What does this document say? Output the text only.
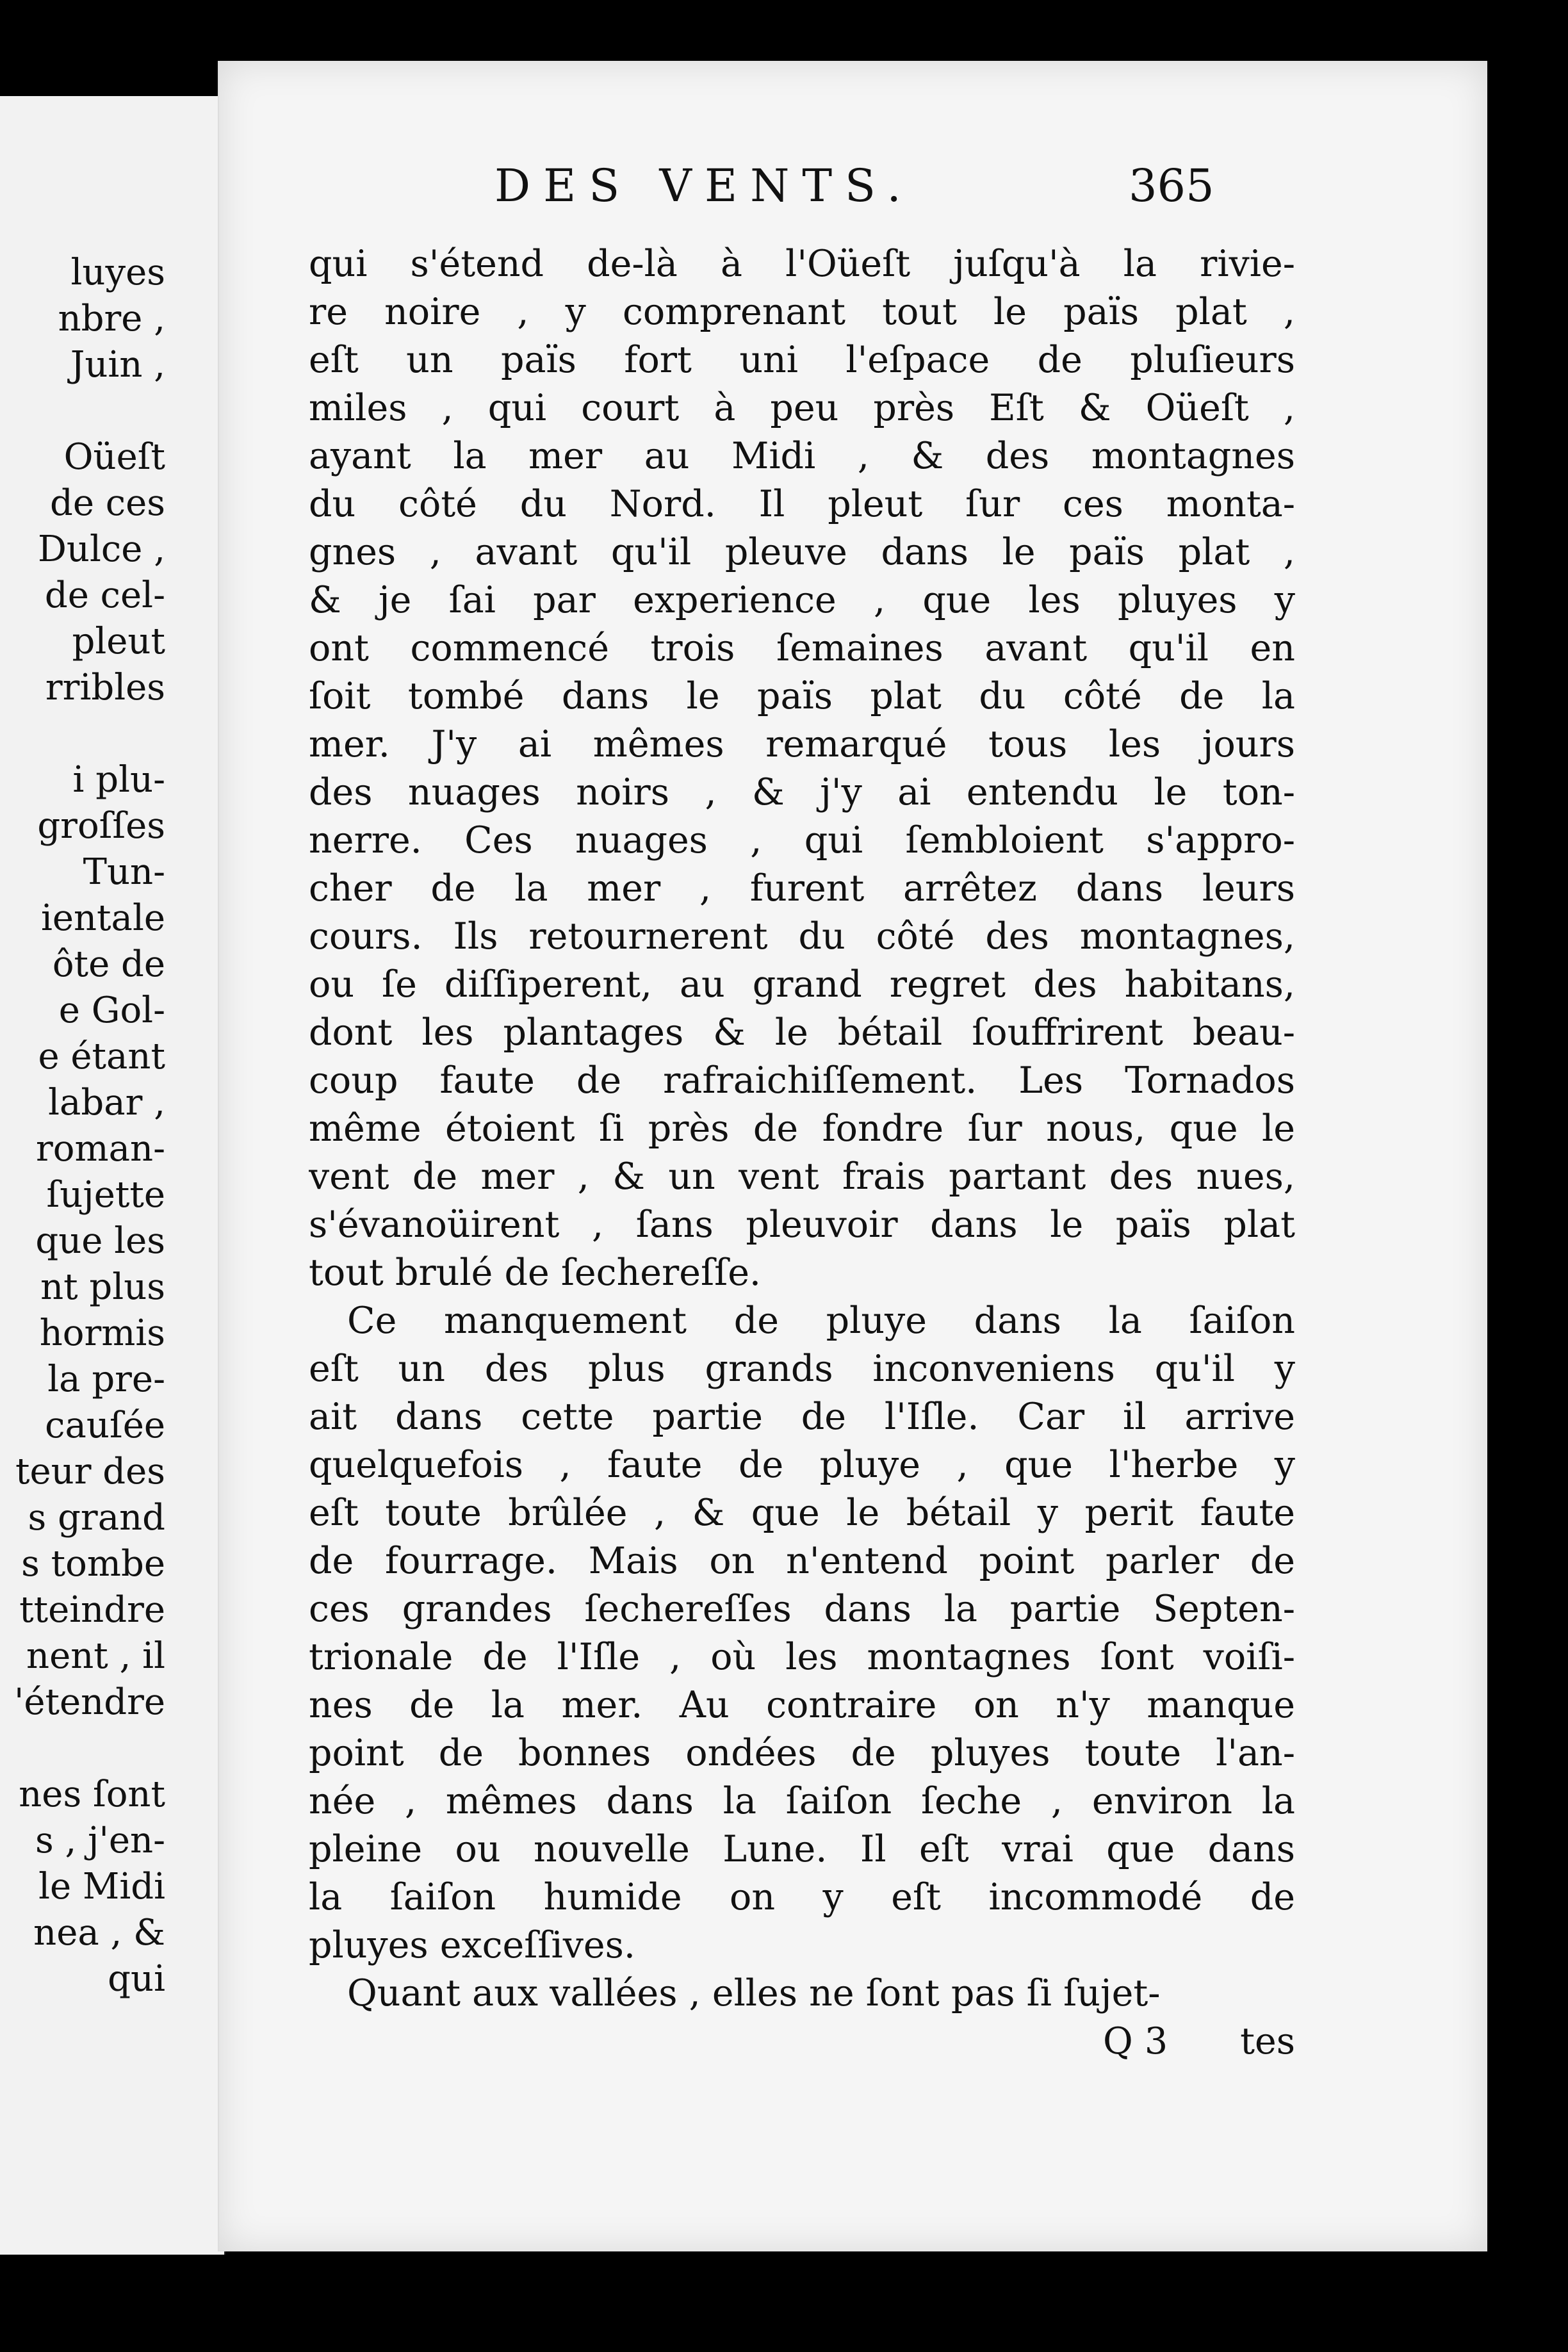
luyes
nbre ,
Juin ,
Oüeſt
de ces
Dulce ,
de cel-
pleut
rribles
i plu-
groſſes
Tun-
ientale
ôte de
e Gol-
e étant
labar ,
roman-
ſujette
que les
nt plus
hormis
la pre-
cauſée
teur des
s grand
s tombe
tteindre
nent , il
'étendre
nes ſont
s , j'en-
le Midi
nea , &
qui
DES VENTS.	365
qui s'étend de-là à l'Oüeſt juſqu'à la rivie-
re noire , y comprenant tout le païs plat ,
eſt un païs fort uni l'eſpace de pluſieurs
miles , qui court à peu près Eſt & Oüeſt ,
ayant la mer au Midi , & des montagnes
du côté du Nord. Il pleut ſur ces monta-
gnes , avant qu'il pleuve dans le païs plat ,
& je ſai par experience , que les pluyes y
ont commencé trois ſemaines avant qu'il en
ſoit tombé dans le païs plat du côté de la
mer. J'y ai mêmes remarqué tous les jours
des nuages noirs , & j'y ai entendu le ton-
nerre. Ces nuages , qui ſembloient s'appro-
cher de la mer , furent arrêtez dans leurs
cours. Ils retournerent du côté des montagnes,
ou ſe diſſiperent, au grand regret des habitans,
dont les plantages & le bétail ſouffrirent beau-
coup faute de rafraichiſſement. Les Tornados
même étoient ſi près de fondre ſur nous, que le
vent de mer , & un vent frais partant des nues,
s'évanoüirent , ſans pleuvoir dans le païs plat
tout brulé de ſechereſſe.
Ce manquement de pluye dans la ſaiſon
eſt un des plus grands inconveniens qu'il y
ait dans cette partie de l'Iſle. Car il arrive
quelquefois , faute de pluye , que l'herbe y
eſt toute brûlée , & que le bétail y perit faute
de fourrage. Mais on n'entend point parler de
ces grandes ſechereſſes dans la partie Septen-
trionale de l'Iſle , où les montagnes ſont voiſi-
nes de la mer. Au contraire on n'y manque
point de bonnes ondées de pluyes toute l'an-
née , mêmes dans la ſaiſon ſeche , environ la
pleine ou nouvelle Lune. Il eſt vrai que dans
la ſaiſon humide on y eſt incommodé de
pluyes exceſſives.
Quant aux vallées , elles ne ſont pas ſi ſujet-
Q 3 tes
